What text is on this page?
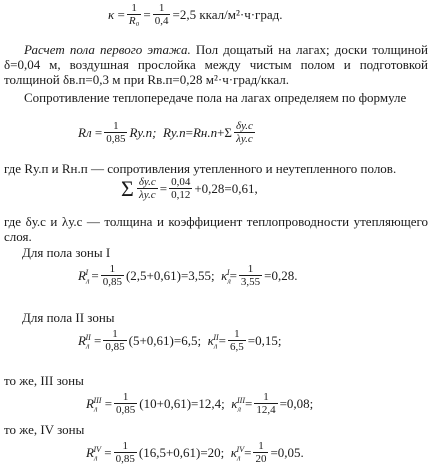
$\kappa = \frac{1}{\text{R₀}} = \frac{1}{0,4} =2,5$ ккал/м²·ч·град.
Расчет пола первого этажа. Пол дощатый на лагах; доски толщиной δ=0,04 м, воздушная прослойка между чистым полом и подготовкой толщиной δв.п=0,3 м при Rв.п=0,28 м²·ч·град/ккал.
Сопротивление теплопередаче пола на лагах определяем по формуле
Rл = $\frac{1}{0,85} Rу.п$;
$Rу.п = Rн.п +\Sigma \frac{\delta у.с}{\lambda у.с}$
где Rу.п и Rн.п — сопротивления утепленного и неутепленного полов.
Σ $\frac{\delta у.с}{\lambda у.с} = \frac{0,04}{0,12} +0,28=0,61$,
где δу.с и λу.с — толщина и коэффициент теплопроводности утепляющего слоя.
Для пола зоны I
$R_л^I = \frac{1}{0,85} (2,5+0,61)=3,55$;
$\kappa_л^I = \frac{1}{3,55} =0,28$.
Для пола II зоны
$R_л^{II} = \frac{1}{0,85} (5+0,61)=6,5$;
$\kappa_л^{II} = \frac{1}{6,5} =0,15$;
то же, III зоны
$R_л^{III} = \frac{1}{0,85} (10+0,61)=12,4$;
$\kappa_л^{III} = \frac{1}{12,4} =0,08$;
то же, IV зоны
$R_л^{IV} = \frac{1}{0,85} (16,5+0,61)=20$;
$\kappa_л^{IV} = \frac{1}{20} =0,05$.
